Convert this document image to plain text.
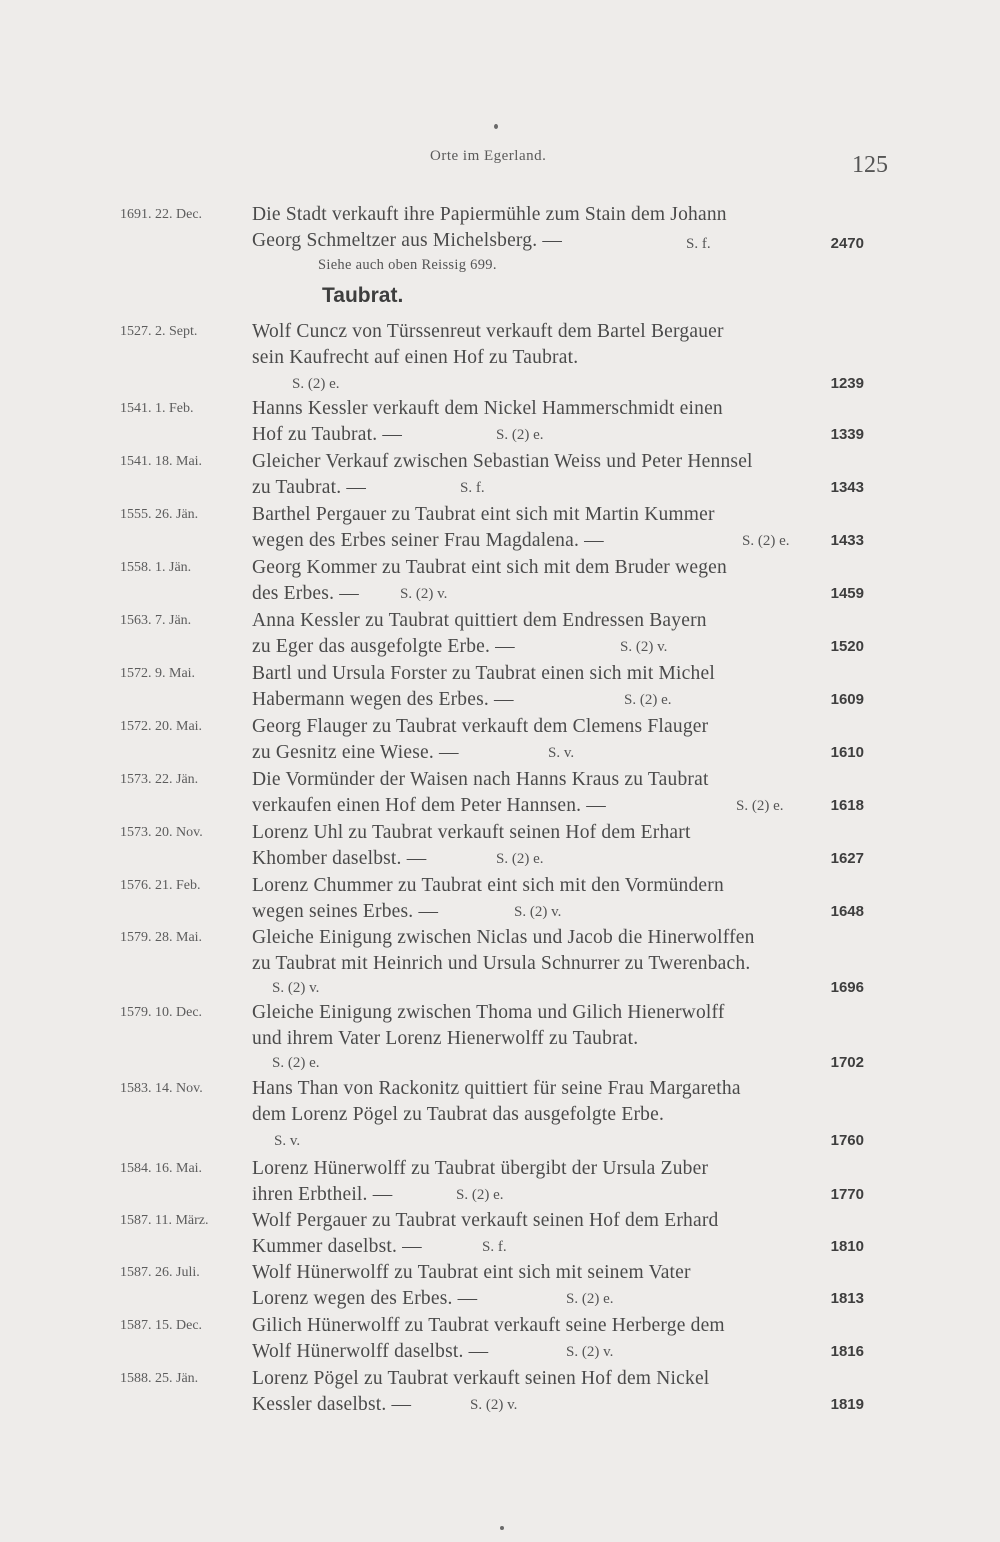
Orte im Egerland.	125
Siehe auch oben Reissig 699.
Taubrat.
1691. 22. Dec.	Die Stadt verkauft ihre Papiermühle zum Stain dem Johann
Georg Schmeltzer aus Michelsberg. —	S. f.	2470
1527. 2. Sept.	Wolf Cuncz von Türssenreut verkauft dem Bartel Bergauer
sein Kaufrecht auf einen Hof zu Taubrat.
S. (2) e.	1239
1541. 1. Feb.	Hanns Kessler verkauft dem Nickel Hammerschmidt einen
Hof zu Taubrat. —	S. (2) e.	1339
1541. 18. Mai.	Gleicher Verkauf zwischen Sebastian Weiss und Peter Hennsel
zu Taubrat. —	S. f.	1343
1555. 26. Jän.	Barthel Pergauer zu Taubrat eint sich mit Martin Kummer
wegen des Erbes seiner Frau Magdalena. —	S. (2) e.	1433
1558. 1. Jän.	Georg Kommer zu Taubrat eint sich mit dem Bruder wegen
des Erbes. —	S. (2) v.	1459
1563. 7. Jän.	Anna Kessler zu Taubrat quittiert dem Endressen Bayern
zu Eger das ausgefolgte Erbe. —	S. (2) v.	1520
1572. 9. Mai.	Bartl und Ursula Forster zu Taubrat einen sich mit Michel
Habermann wegen des Erbes. —	S. (2) e.	1609
1572. 20. Mai.	Georg Flauger zu Taubrat verkauft dem Clemens Flauger
zu Gesnitz eine Wiese. —	S. v.	1610
1573. 22. Jän.	Die Vormünder der Waisen nach Hanns Kraus zu Taubrat
verkaufen einen Hof dem Peter Hannsen. —	S. (2) e.	1618
1573. 20. Nov.	Lorenz Uhl zu Taubrat verkauft seinen Hof dem Erhart
Khomber daselbst. —	S. (2) e.	1627
1576. 21. Feb.	Lorenz Chummer zu Taubrat eint sich mit den Vormündern
wegen seines Erbes. —	S. (2) v.	1648
1579. 28. Mai.	Gleiche Einigung zwischen Niclas und Jacob die Hinerwolffen
zu Taubrat mit Heinrich und Ursula Schnurrer zu Twerenbach.
S. (2) v.	1696
1579. 10. Dec.	Gleiche Einigung zwischen Thoma und Gilich Hienerwolff
und ihrem Vater Lorenz Hienerwolff zu Taubrat.
S. (2) e.	1702
1583. 14. Nov.	Hans Than von Rackonitz quittiert für seine Frau Margaretha
dem Lorenz Pögel zu Taubrat das ausgefolgte Erbe.
S. v.	1760
1584. 16. Mai.	Lorenz Hünerwolff zu Taubrat übergibt der Ursula Zuber
ihren Erbtheil. —	S. (2) e.	1770
1587. 11. März.	Wolf Pergauer zu Taubrat verkauft seinen Hof dem Erhard
Kummer daselbst. —	S. f.	1810
1587. 26. Juli.	Wolf Hünerwolff zu Taubrat eint sich mit seinem Vater
Lorenz wegen des Erbes. —	S. (2) e.	1813
1587. 15. Dec.	Gilich Hünerwolff zu Taubrat verkauft seine Herberge dem
Wolf Hünerwolff daselbst. —	S. (2) v.	1816
1588. 25. Jän.	Lorenz Pögel zu Taubrat verkauft seinen Hof dem Nickel
Kessler daselbst. —	S. (2) v.	1819
